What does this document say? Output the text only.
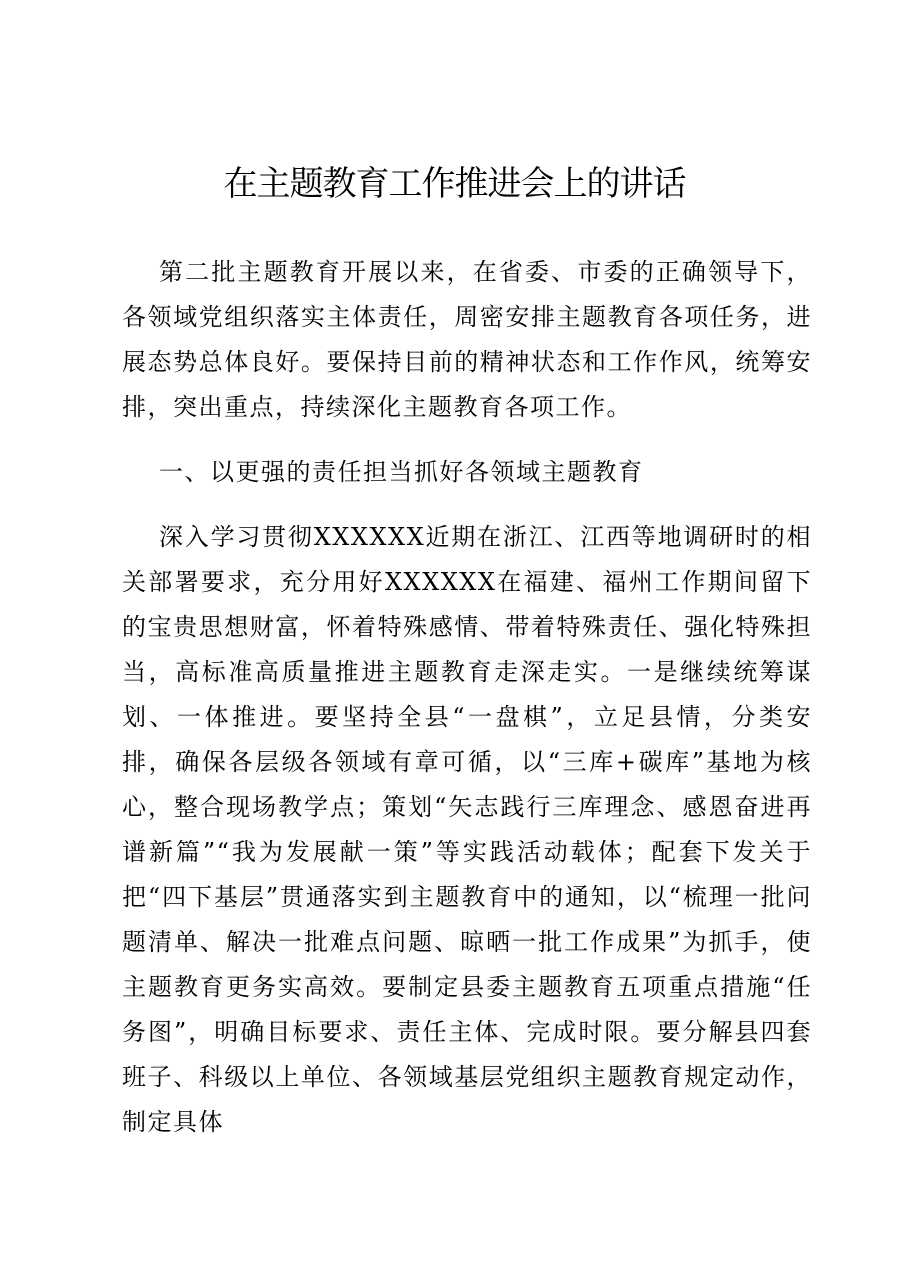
在主题教育工作推进会上的讲话

第二批主题教育开展以来，在省委、市委的正确领导下，各领域党组织落实主体责任，周密安排主题教育各项任务，进展态势总体良好。要保持目前的精神状态和工作作风，统筹安排，突出重点，持续深化主题教育各项工作。

一、以更强的责任担当抓好各领域主题教育

深入学习贯彻XXXXXX近期在浙江、江西等地调研时的相关部署要求，充分用好XXXXXX在福建、福州工作期间留下的宝贵思想财富，怀着特殊感情、带着特殊责任、强化特殊担当，高标准高质量推进主题教育走深走实。一是继续统筹谋划、一体推进。要坚持全县“一盘棋”，立足县情，分类安排，确保各层级各领域有章可循，以“三库+碳库”基地为核心，整合现场教学点；策划“矢志践行三库理念、感恩奋进再谱新篇”“我为发展献一策”等实践活动载体；配套下发关于把“四下基层”贯通落实到主题教育中的通知，以“梳理一批问题清单、解决一批难点问题、晾晒一批工作成果”为抓手，使主题教育更务实高效。要制定县委主题教育五项重点措施“任务图”，明确目标要求、责任主体、完成时限。要分解县四套班子、科级以上单位、各领域基层党组织主题教育规定动作，制定具体
